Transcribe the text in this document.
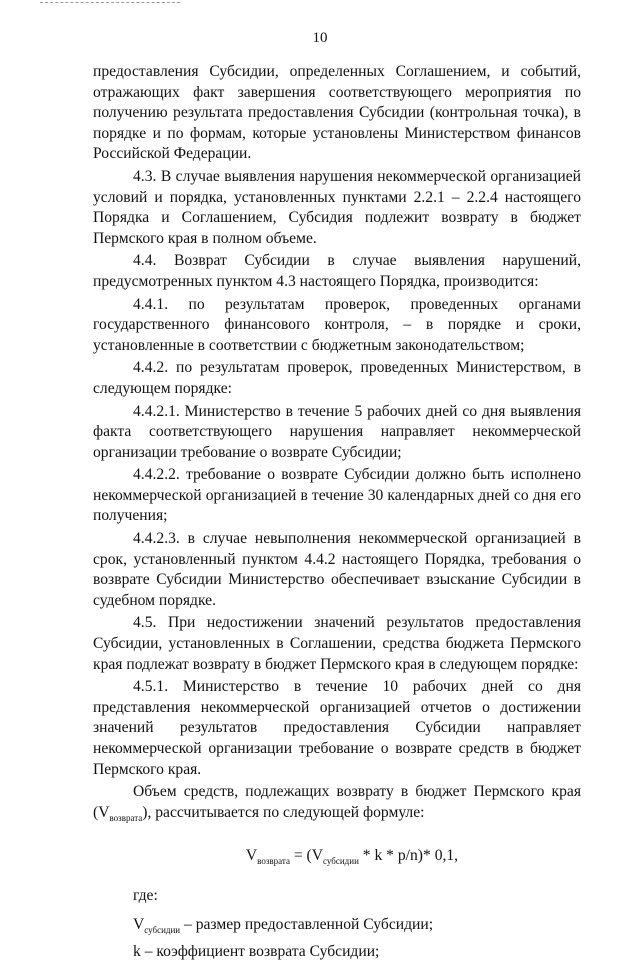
10

предоставления Субсидии, определенных Соглашением, и событий, отражающих факт завершения соответствующего мероприятия по получению результата предоставления Субсидии (контрольная точка), в порядке и по формам, которые установлены Министерством финансов Российской Федерации.

4.3. В случае выявления нарушения некоммерческой организацией условий и порядка, установленных пунктами 2.2.1 – 2.2.4 настоящего Порядка и Соглашением, Субсидия подлежит возврату в бюджет Пермского края в полном объеме.

4.4. Возврат Субсидии в случае выявления нарушений, предусмотренных пунктом 4.3 настоящего Порядка, производится:

4.4.1. по результатам проверок, проведенных органами государственного финансового контроля, – в порядке и сроки, установленные в соответствии с бюджетным законодательством;

4.4.2. по результатам проверок, проведенных Министерством, в следующем порядке:

4.4.2.1. Министерство в течение 5 рабочих дней со дня выявления факта соответствующего нарушения направляет некоммерческой организации требование о возврате Субсидии;

4.4.2.2. требование о возврате Субсидии должно быть исполнено некоммерческой организацией в течение 30 календарных дней со дня его получения;

4.4.2.3. в случае невыполнения некоммерческой организацией в срок, установленный пунктом 4.4.2 настоящего Порядка, требования о возврате Субсидии Министерство обеспечивает взыскание Субсидии в судебном порядке.

4.5. При недостижении значений результатов предоставления Субсидии, установленных в Соглашении, средства бюджета Пермского края подлежат возврату в бюджет Пермского края в следующем порядке:

4.5.1. Министерство в течение 10 рабочих дней со дня представления некоммерческой организацией отчетов о достижении значений результатов предоставления Субсидии направляет некоммерческой организации требование о возврате средств в бюджет Пермского края.

Объем средств, подлежащих возврату в бюджет Пермского края $(V_{возврата})$, рассчитывается по следующей формуле:

$V_{возврата} = (V_{субсидии} * k * p/n)*$ 0,1,

где:

$V_{субсидии}$ – размер предоставленной Субсидии;

k – коэффициент возврата Субсидии;
